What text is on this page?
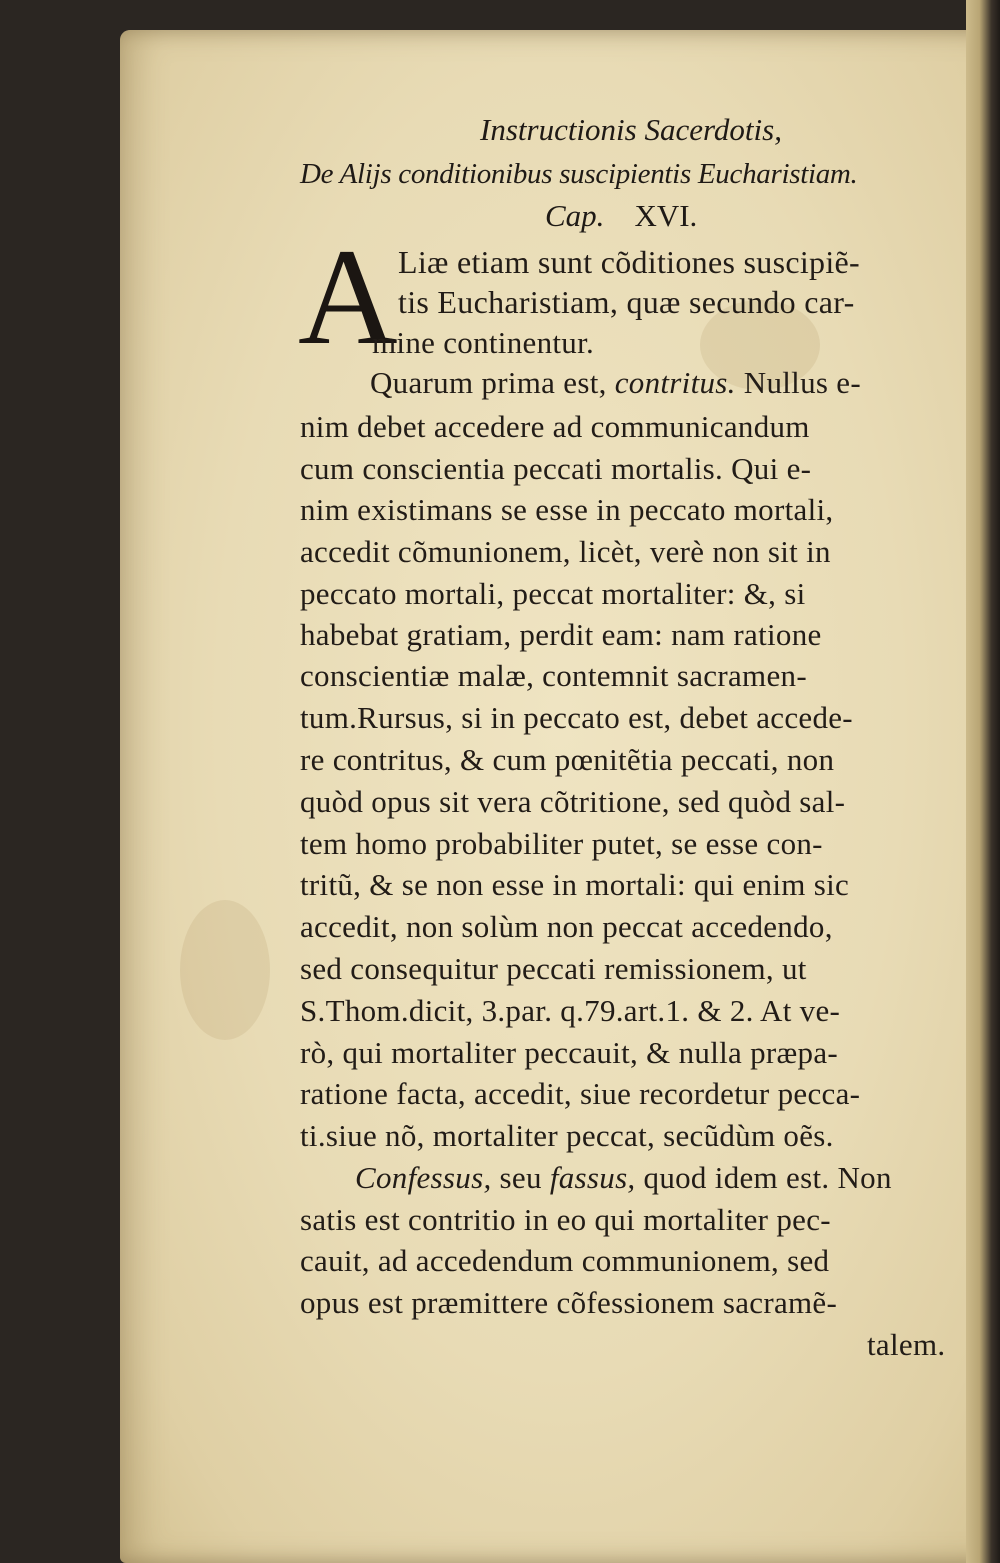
Instructionis Sacerdotis,
De Alijs conditionibus suscipientis Eucharistiam.
Cap. XVI.
A Liæ etiam sunt cõditiones suscipiẽ-
tis Eucharistiam, quæ secundo car-
mine continentur.
Quarum prima est, contritus. Nullus e-
nim debet accedere ad communicandum
cum conscientia peccati mortalis. Qui e-
nim existimans se esse in peccato mortali,
accedit cõmunionem, licèt, verè non sit in
peccato mortali, peccat mortaliter: &, si
habebat gratiam, perdit eam: nam ratione
conscientiæ malæ, contemnit sacramen-
tum.Rursus, si in peccato est, debet accede-
re contritus, & cum pœnitẽtia peccati, non
quòd opus sit vera cõtritione, sed quòd sal-
tem homo probabiliter putet, se esse con-
tritũ, & se non esse in mortali: qui enim sic
accedit, non solùm non peccat accedendo,
sed consequitur peccati remissionem, ut
S.Thom.dicit, 3.par. q.79.art.1. & 2. At ve-
rò, qui mortaliter peccauit, & nulla præpa-
ratione facta, accedit, siue recordetur pecca-
ti.siue nõ, mortaliter peccat, secũdùm oẽs.
Confessus, seu fassus, quod idem est. Non
satis est contritio in eo qui mortaliter pec-
cauit, ad accedendum communionem, sed
opus est præmittere cõfessionem sacramẽ-
talem.
